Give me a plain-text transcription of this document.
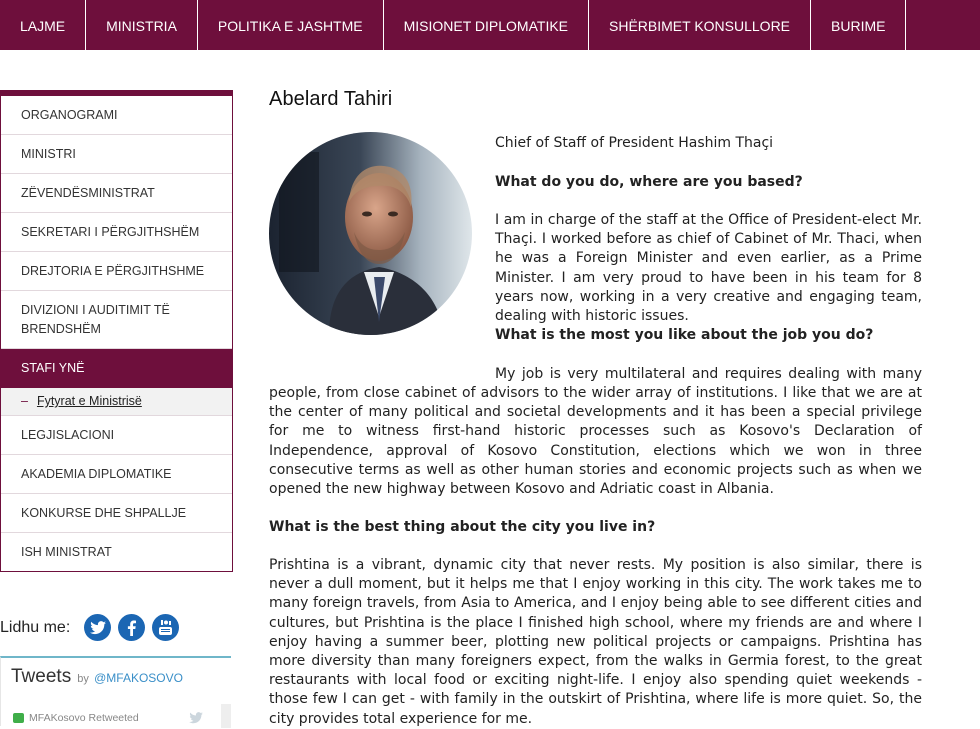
LAJME	MINISTRIA	POLITIKA E JASHTME	MISIONET DIPLOMATIKE	SHËRBIMET KONSULLORE	BURIME
ORGANOGRAMI
MINISTRI
ZËVENDËSMINISTRAT
SEKRETARI I PËRGJITHSHËM
DREJTORIA E PËRGJITHSHME
DIVIZIONI I AUDITIMIT TË BRENDSHËM
STAFI YNË
– Fytyrat e Ministrisë
LEGJISLACIONI
AKADEMIA DIPLOMATIKE
KONKURSE DHE SHPALLJE
ISH MINISTRAT
Lidhu me:
Tweets by @MFAKOSOVO
MFAKosovo Retweeted
Abelard Tahiri

Chief of Staff of President Hashim Thaçi

What do you do, where are you based?

I am in charge of the staff at the Office of President-elect Mr. Thaçi. I worked before as chief of Cabinet of Mr. Thaci, when he was a Foreign Minister and even earlier, as a Prime Minister. I am very proud to have been in his team for 8 years now, working in a very creative and engaging team, dealing with historic issues.

What is the most you like about the job you do?

My job is very multilateral and requires dealing with many

people, from close cabinet of advisors to the wider array of institutions. I like that we are at the center of many political and societal developments and it has been a special privilege for me to witness first-hand historic processes such as Kosovo's Declaration of Independence, approval of Kosovo Constitution, elections which we won in three consecutive terms as well as other human stories and economic projects such as when we opened the new highway between Kosovo and Adriatic coast in Albania.

What is the best thing about the city you live in?

Prishtina is a vibrant, dynamic city that never rests. My position is also similar, there is never a dull moment, but it helps me that I enjoy working in this city. The work takes me to many foreign travels, from Asia to America, and I enjoy being able to see different cities and cultures, but Prishtina is the place I finished high school, where my friends are and where I enjoy having a summer beer, plotting new political projects or campaigns. Prishtina has more diversity than many foreigners expect, from the walks in Germia forest, to the great restaurants with local food or exciting night-life. I enjoy also spending quiet weekends - those few I can get - with family in the outskirt of Prishtina, where life is more quiet. So, the city provides total experience for me.
